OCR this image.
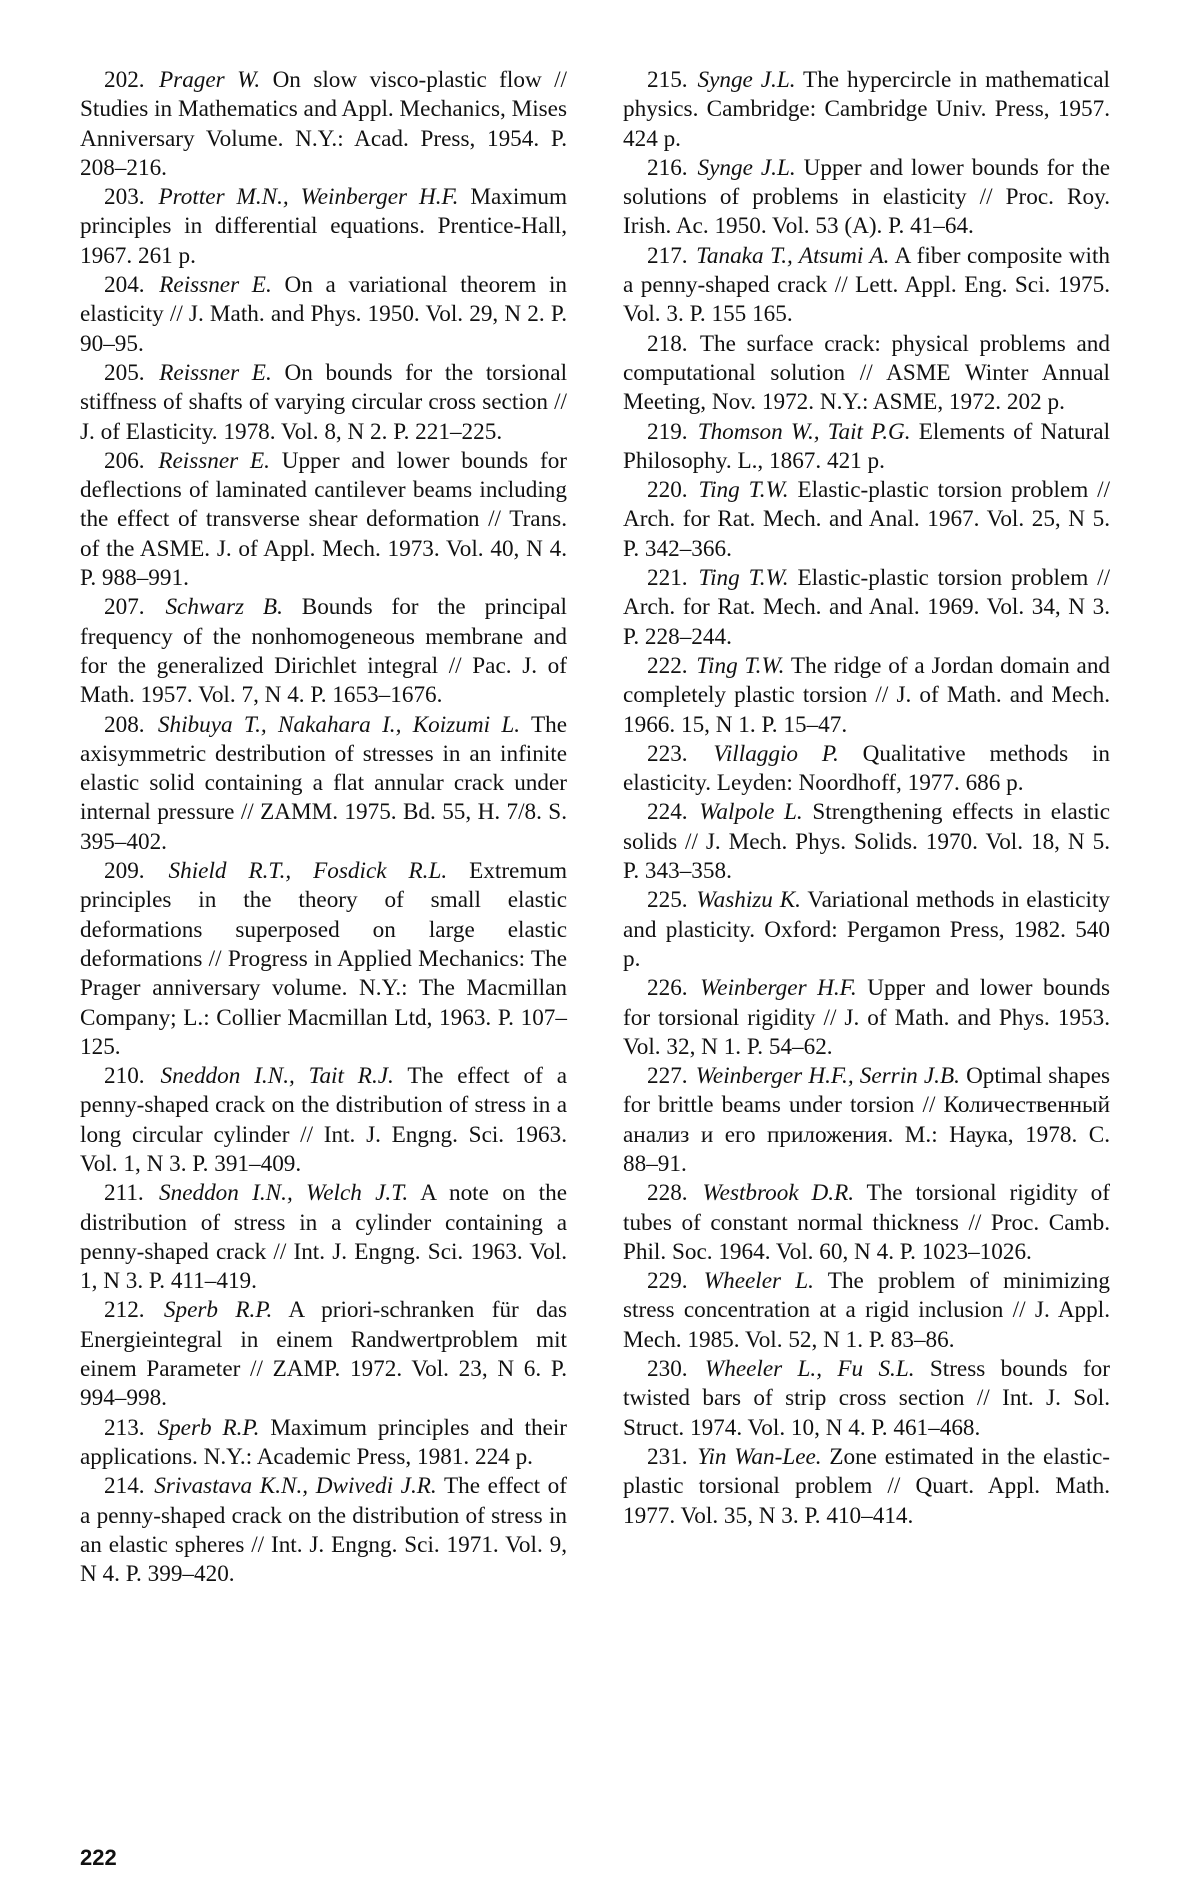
202. Prager W. On slow visco-plastic flow // Studies in Mathematics and Appl. Mechanics, Mises Anniversary Volume. N.Y.: Acad. Press, 1954. P. 208–216.

203. Protter M.N., Weinberger H.F. Maximum principles in differential equations. Prentice-Hall, 1967. 261 p.

204. Reissner E. On a variational theorem in elasticity // J. Math. and Phys. 1950. Vol. 29, N 2. P. 90–95.

205. Reissner E. On bounds for the torsional stiffness of shafts of varying circular cross section // J. of Elasticity. 1978. Vol. 8, N 2. P. 221–225.

206. Reissner E. Upper and lower bounds for deflections of laminated cantilever beams including the effect of transverse shear deformation // Trans. of the ASME. J. of Appl. Mech. 1973. Vol. 40, N 4. P. 988–991.

207. Schwarz B. Bounds for the principal frequency of the nonhomogeneous membrane and for the generalized Dirichlet integral // Pac. J. of Math. 1957. Vol. 7, N 4. P. 1653–1676.

208. Shibuya T., Nakahara I., Koizumi L. The axisymmetric destribution of stresses in an infinite elastic solid containing a flat annular crack under internal pressure // ZAMM. 1975. Bd. 55, H. 7/8. S. 395–402.

209. Shield R.T., Fosdick R.L. Extremum principles in the theory of small elastic deformations superposed on large elastic deformations // Progress in Applied Mechanics: The Prager anniversary volume. N.Y.: The Macmillan Company; L.: Collier Macmillan Ltd, 1963. P. 107–125.

210. Sneddon I.N., Tait R.J. The effect of a penny-shaped crack on the distribution of stress in a long circular cylinder // Int. J. Engng. Sci. 1963. Vol. 1, N 3. P. 391–409.

211. Sneddon I.N., Welch J.T. A note on the distribution of stress in a cylinder containing a penny-shaped crack // Int. J. Engng. Sci. 1963. Vol. 1, N 3. P. 411–419.

212. Sperb R.P. A priori-schranken für das Energieintegral in einem Randwertproblem mit einem Parameter // ZAMP. 1972. Vol. 23, N 6. P. 994–998.

213. Sperb R.P. Maximum principles and their applications. N.Y.: Academic Press, 1981. 224 p.

214. Srivastava K.N., Dwivedi J.R. The effect of a penny-shaped crack on the distribution of stress in an elastic spheres // Int. J. Engng. Sci. 1971. Vol. 9, N 4. P. 399–420.

215. Synge J.L. The hypercircle in mathematical physics. Cambridge: Cambridge Univ. Press, 1957. 424 p.

216. Synge J.L. Upper and lower bounds for the solutions of problems in elasticity // Proc. Roy. Irish. Ac. 1950. Vol. 53 (A). P. 41–64.

217. Tanaka T., Atsumi A. A fiber composite with a penny-shaped crack // Lett. Appl. Eng. Sci. 1975. Vol. 3. P. 155 165.

218. The surface crack: physical problems and computational solution // ASME Winter Annual Meeting, Nov. 1972. N.Y.: ASME, 1972. 202 p.

219. Thomson W., Tait P.G. Elements of Natural Philosophy. L., 1867. 421 p.

220. Ting T.W. Elastic-plastic torsion problem // Arch. for Rat. Mech. and Anal. 1967. Vol. 25, N 5. P. 342–366.

221. Ting T.W. Elastic-plastic torsion problem // Arch. for Rat. Mech. and Anal. 1969. Vol. 34, N 3. P. 228–244.

222. Ting T.W. The ridge of a Jordan domain and completely plastic torsion // J. of Math. and Mech. 1966. 15, N 1. P. 15–47.

223. Villaggio P. Qualitative methods in elasticity. Leyden: Noordhoff, 1977. 686 p.

224. Walpole L. Strengthening effects in elastic solids // J. Mech. Phys. Solids. 1970. Vol. 18, N 5. P. 343–358.

225. Washizu K. Variational methods in elasticity and plasticity. Oxford: Pergamon Press, 1982. 540 p.

226. Weinberger H.F. Upper and lower bounds for torsional rigidity // J. of Math. and Phys. 1953. Vol. 32, N 1. P. 54–62.

227. Weinberger H.F., Serrin J.B. Optimal shapes for brittle beams under torsion // Количественный анализ и его приложения. М.: Наука, 1978. С. 88–91.

228. Westbrook D.R. The torsional rigidity of tubes of constant normal thickness // Proc. Camb. Phil. Soc. 1964. Vol. 60, N 4. P. 1023–1026.

229. Wheeler L. The problem of minimizing stress concentration at a rigid inclusion // J. Appl. Mech. 1985. Vol. 52, N 1. P. 83–86.

230. Wheeler L., Fu S.L. Stress bounds for twisted bars of strip cross section // Int. J. Sol. Struct. 1974. Vol. 10, N 4. P. 461–468.

231. Yin Wan-Lee. Zone estimated in the elastic-plastic torsional problem // Quart. Appl. Math. 1977. Vol. 35, N 3. P. 410–414.

222
